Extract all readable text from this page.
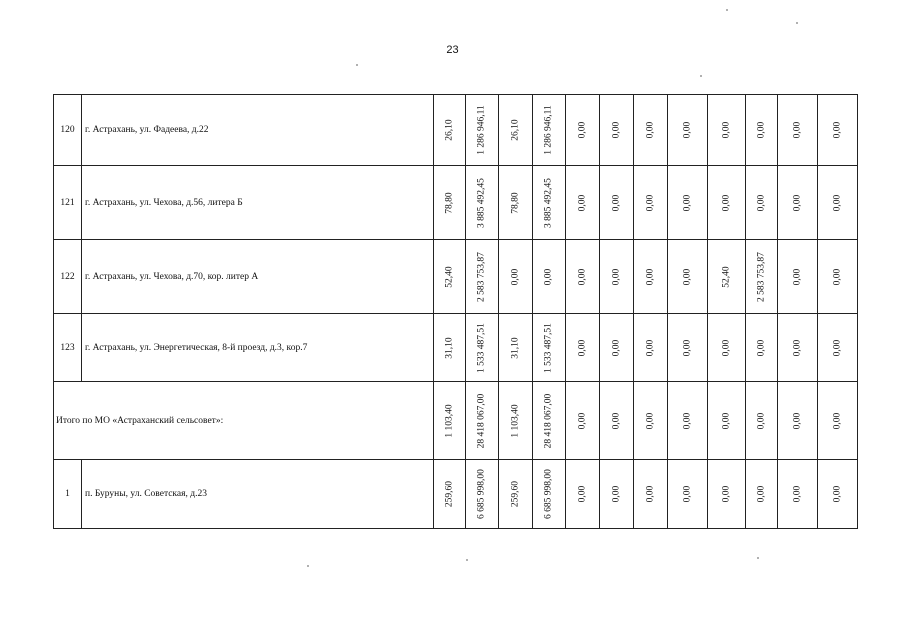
23
120	г. Астрахань, ул. Фадеева, д.22	26,10	1 286 946,11	26,10	1 286 946,11	0,00	0,00	0,00	0,00	0,00	0,00	0,00	0,00

121	г. Астрахань, ул. Чехова, д.56, литера Б	78,80	3 885 492,45	78,80	3 885 492,45	0,00	0,00	0,00	0,00	0,00	0,00	0,00	0,00

122	г. Астрахань, ул. Чехова, д.70, кор. литер А	52,40	2 583 753,87	0,00	0,00	0,00	0,00	0,00	0,00	52,40	2 583 753,87	0,00	0,00

123	г. Астрахань, ул. Энергетическая, 8-й проезд, д.3, кор.7	31,10	1 533 487,51	31,10	1 533 487,51	0,00	0,00	0,00	0,00	0,00	0,00	0,00	0,00

Итого по МО «Астраханский сельсовет»:		1 103,40	28 418 067,00	1 103,40	28 418 067,00	0,00	0,00	0,00	0,00	0,00	0,00	0,00	0,00

1	п. Буруны, ул. Советская, д.23	259,60	6 685 998,00	259,60	6 685 998,00	0,00	0,00	0,00	0,00	0,00	0,00	0,00	0,00
